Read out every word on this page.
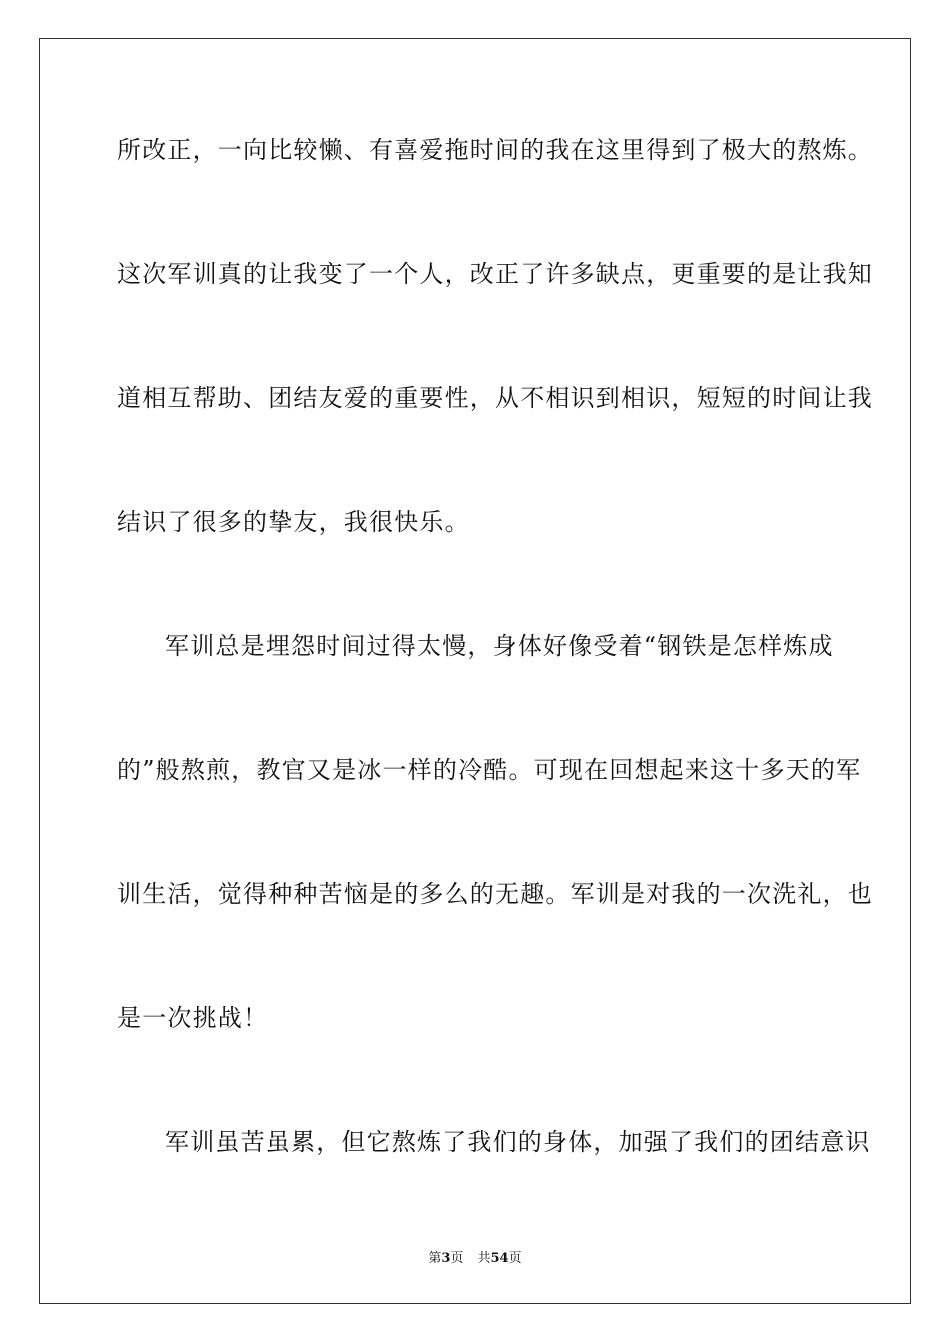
所改正，一向比较懒、有喜爱拖时间的我在这里得到了极大的熬炼。
这次军训真的让我变了一个人，改正了许多缺点，更重要的是让我知
道相互帮助、团结友爱的重要性，从不相识到相识，短短的时间让我
结识了很多的挚友，我很快乐。
军训总是埋怨时间过得太慢，身体好像受着“钢铁是怎样炼成
的”般熬煎，教官又是冰一样的冷酷。可现在回想起来这十多天的军
训生活，觉得种种苦恼是的多么的无趣。军训是对我的一次洗礼，也
是一次挑战！
军训虽苦虽累，但它熬炼了我们的身体，加强了我们的团结意识
第3页 共54页
